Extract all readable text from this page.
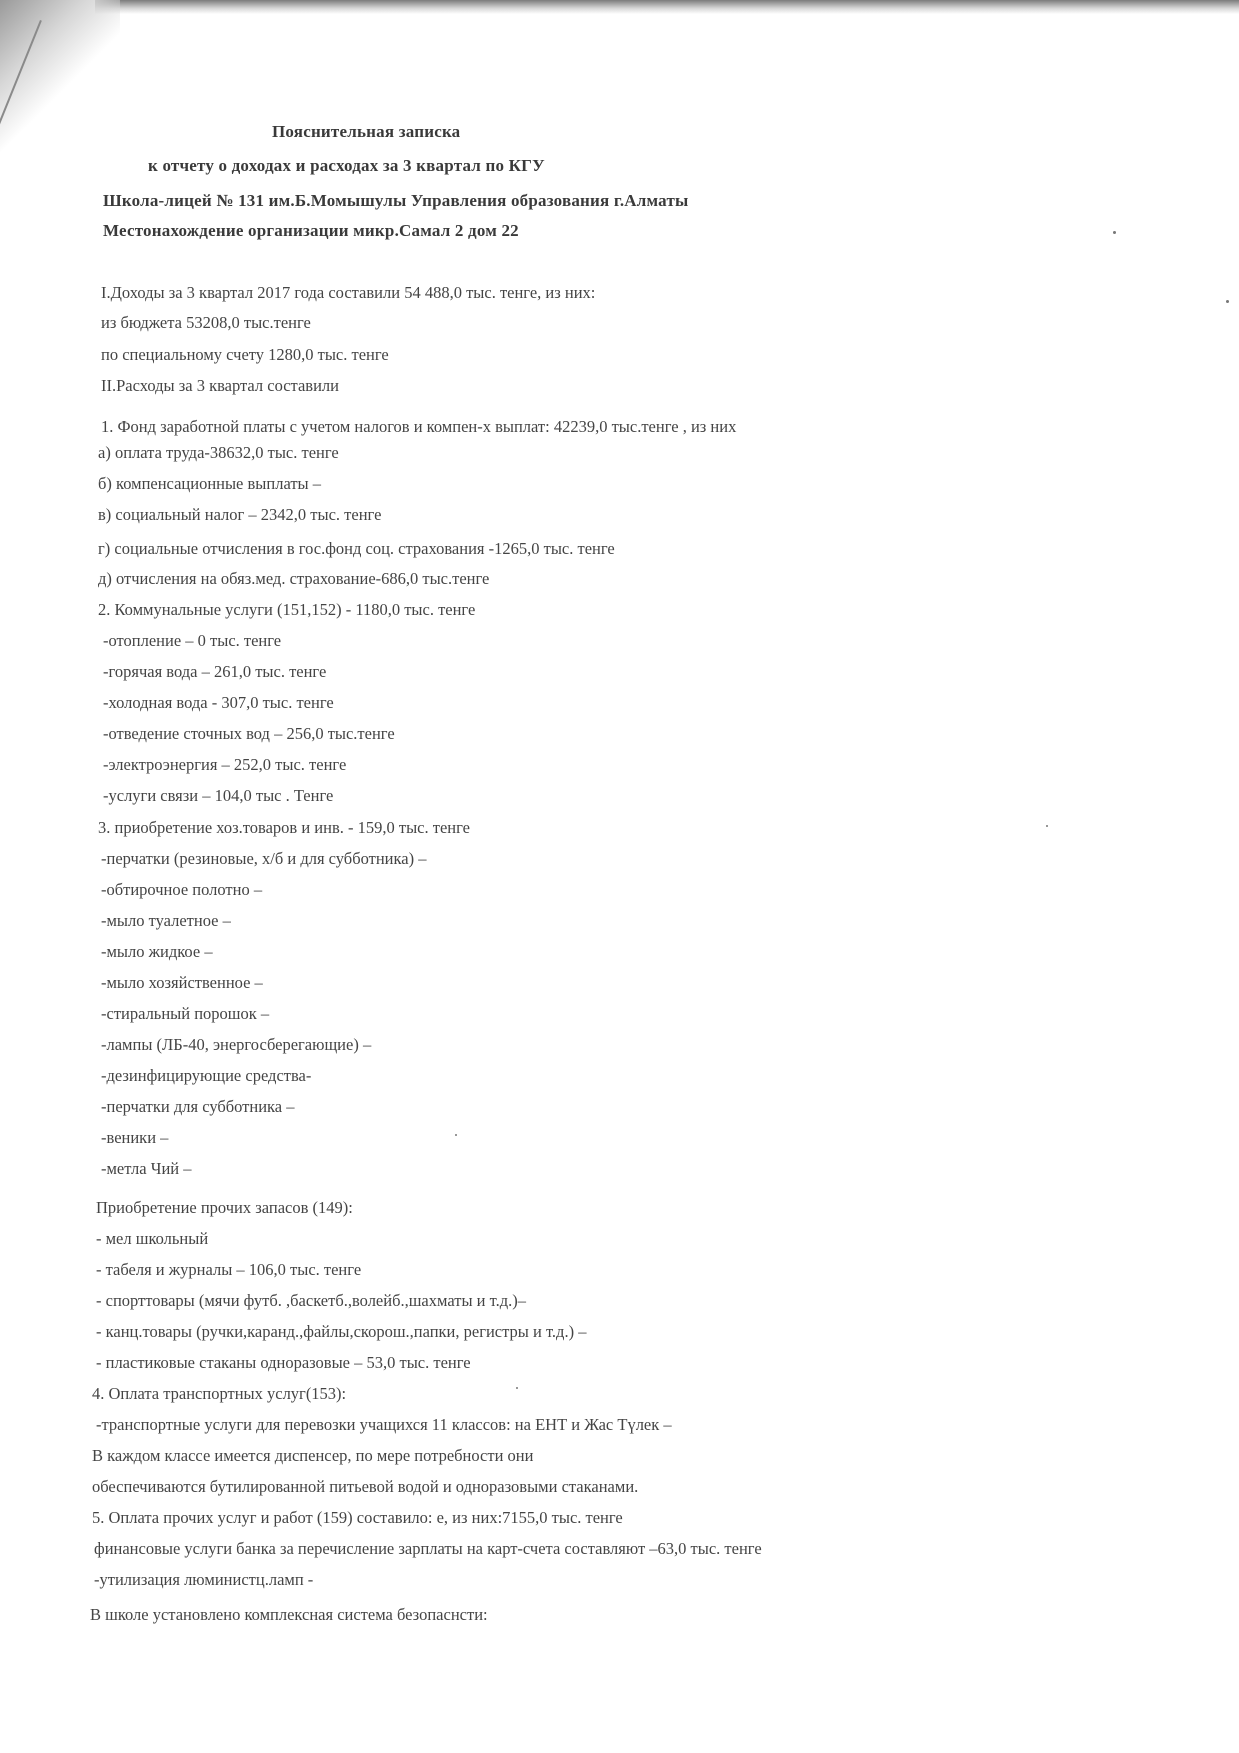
Пояснительная записка
к отчету о доходах и расходах за 3 квартал по КГУ
Школа-лицей № 131 им.Б.Момышулы Управления образования г.Алматы
Местонахождение организации микр.Самал 2 дом 22
I.Доходы за 3 квартал 2017 года составили 54 488,0 тыс. тенге, из них:
из бюджета 53208,0 тыс.тенге
по специальному счету 1280,0 тыс. тенге
II.Расходы за 3 квартал составили
1. Фонд заработной платы с учетом налогов и компен-х выплат: 42239,0 тыс.тенге , из них
а) оплата труда-38632,0 тыс. тенге
б) компенсационные выплаты –
в) социальный налог – 2342,0 тыс. тенге
г) социальные отчисления в гос.фонд соц. страхования -1265,0 тыс. тенге
д) отчисления на обяз.мед. страхование-686,0 тыс.тенге
2. Коммунальные услуги (151,152) - 1180,0 тыс. тенге
-отопление – 0 тыс. тенге
-горячая вода – 261,0 тыс. тенге
-холодная вода - 307,0 тыс. тенге
-отведение сточных вод – 256,0 тыс.тенге
-электроэнергия – 252,0 тыс. тенге
-услуги связи – 104,0 тыс . Тенге
3. приобретение хоз.товаров и инв. - 159,0 тыс. тенге
-перчатки (резиновые, х/б и для субботника) –
-обтирочное полотно –
-мыло туалетное –
-мыло жидкое –
-мыло хозяйственное –
-стиральный порошок –
-лампы (ЛБ-40, энергосберегающие) –
-дезинфицирующие средства-
-перчатки для субботника –
-веники –
-метла Чий –
Приобретение прочих запасов (149):
- мел школьный
- табеля и журналы – 106,0 тыс. тенге
- спорттовары (мячи футб. ,баскетб.,волейб.,шахматы и т.д.)–
- канц.товары (ручки,каранд.,файлы,скорош.,папки, регистры и т.д.) –
- пластиковые стаканы одноразовые – 53,0 тыс. тенге
4. Оплата транспортных услуг(153):
-транспортные услуги для перевозки учащихся 11 классов: на ЕНТ и Жас Түлек –
В каждом классе имеется диспенсер, по мере потребности они
обеспечиваются бутилированной питьевой водой и одноразовыми стаканами.
5. Оплата прочих услуг и работ (159) составило: е, из них:7155,0 тыс. тенге
финансовые услуги банка за перечисление зарплаты на карт-счета составляют –63,0 тыс. тенге
-утилизация люминистц.ламп -
В школе установлено комплексная система безопаснсти:
